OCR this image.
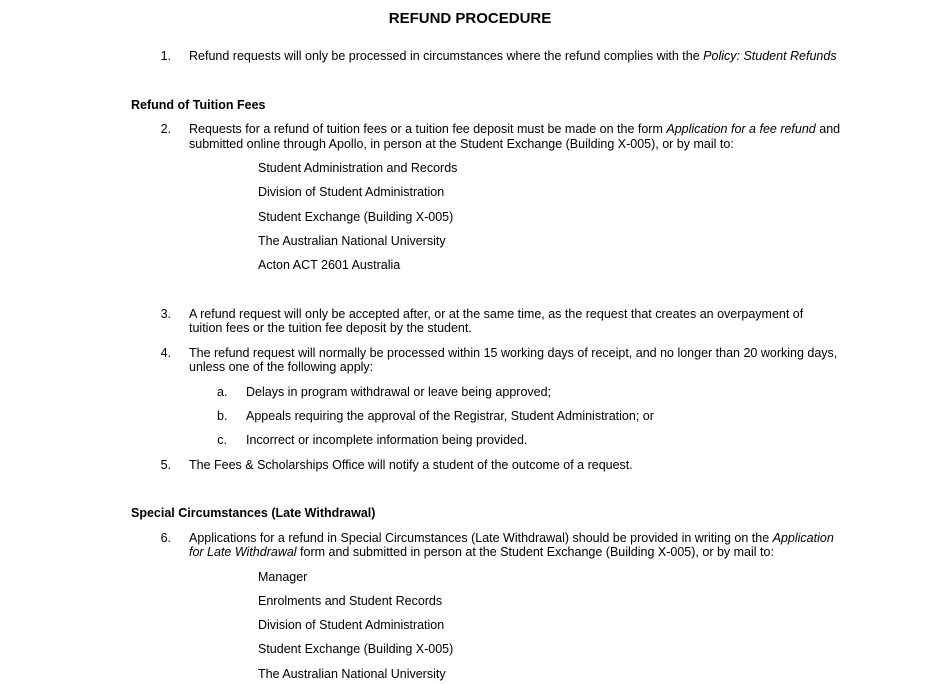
REFUND PROCEDURE
1. Refund requests will only be processed in circumstances where the refund complies with the Policy: Student Refunds
Refund of Tuition Fees
2. Requests for a refund of tuition fees or a tuition fee deposit must be made on the form Application for a fee refund and
submitted online through Apollo, in person at the Student Exchange (Building X-005), or by mail to:
Student Administration and Records
Division of Student Administration
Student Exchange (Building X-005)
The Australian National University
Acton ACT 2601 Australia
3. A refund request will only be accepted after, or at the same time, as the request that creates an overpayment of
tuition fees or the tuition fee deposit by the student.
4. The refund request will normally be processed within 15 working days of receipt, and no longer than 20 working days,
unless one of the following apply:
a. Delays in program withdrawal or leave being approved;
b. Appeals requiring the approval of the Registrar, Student Administration; or
c. Incorrect or incomplete information being provided.
5. The Fees & Scholarships Office will notify a student of the outcome of a request.
Special Circumstances (Late Withdrawal)
6. Applications for a refund in Special Circumstances (Late Withdrawal) should be provided in writing on the Application
for Late Withdrawal form and submitted in person at the Student Exchange (Building X-005), or by mail to:
Manager
Enrolments and Student Records
Division of Student Administration
Student Exchange (Building X-005)
The Australian National University
